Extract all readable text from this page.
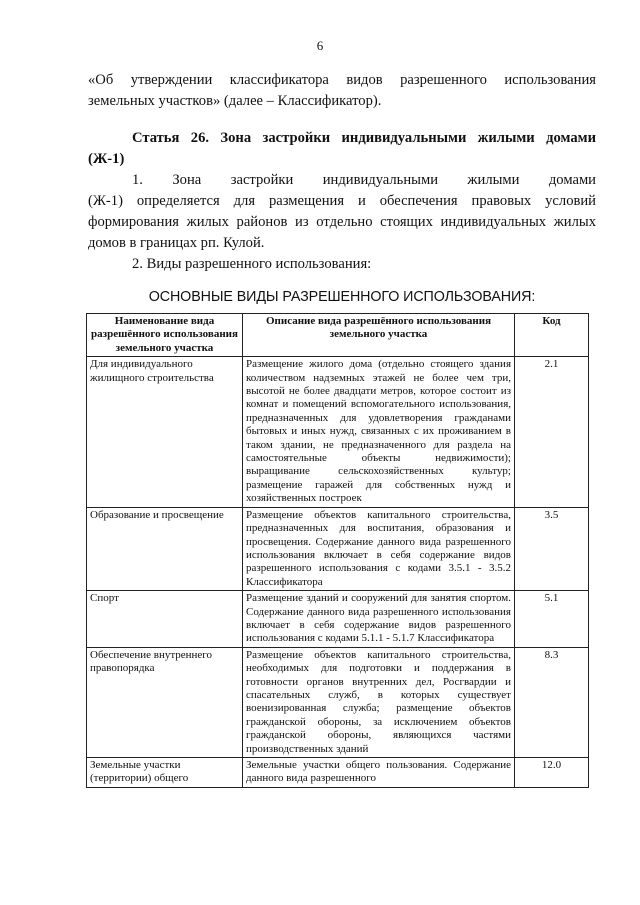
6
«Об утверждении классификатора видов разрешенного использования
земельных участков» (далее – Классификатор).
Статья 26. Зона застройки индивидуальными жилыми домами
(Ж-1)
1. Зона застройки индивидуальными жилыми домами
(Ж-1) определяется для размещения и обеспечения правовых условий
формирования жилых районов из отдельно стоящих индивидуальных жилых
домов в границах рп. Кулой.
2. Виды разрешенного использования:
ОСНОВНЫЕ ВИДЫ РАЗРЕШЕННОГО ИСПОЛЬЗОВАНИЯ:
Наименование вида разрешённого использования земельного участка	Описание вида разрешённого использования земельного участка	Код
Для индивидуального жилищного строительства	Размещение жилого дома (отдельно стоящего здания количеством надземных этажей не более чем три, высотой не более двадцати метров, которое состоит из комнат и помещений вспомогательного использования, предназначенных для удовлетворения гражданами бытовых и иных нужд, связанных с их проживанием в таком здании, не предназначенного для раздела на самостоятельные объекты недвижимости); выращивание сельскохозяйственных культур; размещение гаражей для собственных нужд и хозяйственных построек	2.1
Образование и просвещение	Размещение объектов капитального строительства, предназначенных для воспитания, образования и просвещения. Содержание данного вида разрешенного использования включает в себя содержание видов разрешенного использования с кодами 3.5.1 - 3.5.2 Классификатора	3.5
Спорт	Размещение зданий и сооружений для занятия спортом. Содержание данного вида разрешенного использования включает в себя содержание видов разрешенного использования с кодами 5.1.1 - 5.1.7 Классификатора	5.1
Обеспечение внутреннего правопорядка	Размещение объектов капитального строительства, необходимых для подготовки и поддержания в готовности органов внутренних дел, Росгвардии и спасательных служб, в которых существует военизированная служба; размещение объектов гражданской обороны, за исключением объектов гражданской обороны, являющихся частями производственных зданий	8.3
Земельные участки (территории) общего	Земельные участки общего пользования. Содержание данного вида разрешенного	12.0
